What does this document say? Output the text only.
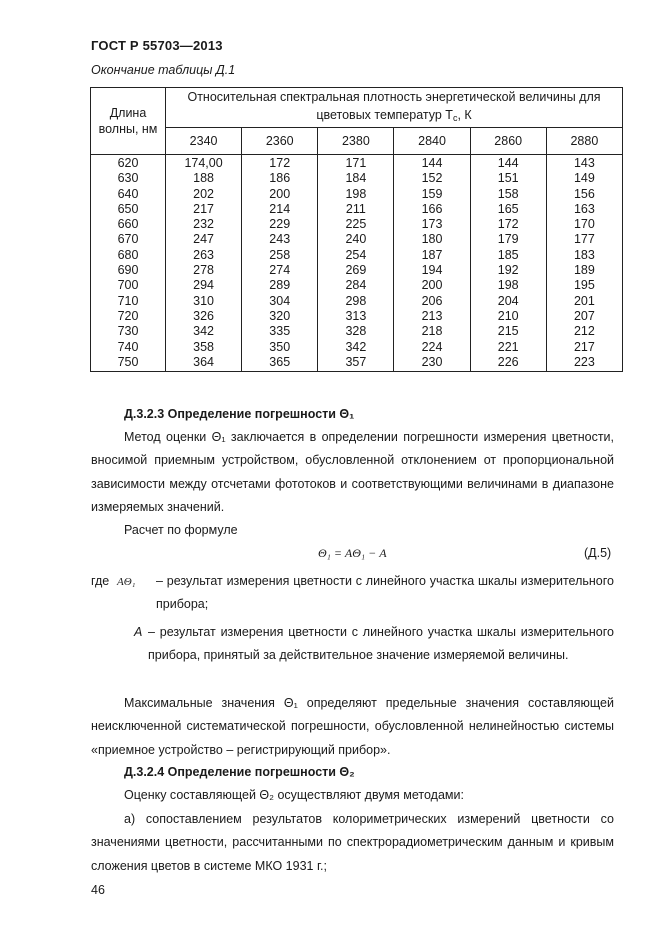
ГОСТ Р 55703—2013
Окончание таблицы Д.1
Длина
волны, нм	Относительная спектральная плотность энергетической величины для цветовых температур $T_c$, К					
	2340	2360	2380	2840	2860	2880
620	174,00	172	171	144	144	143
630	188	186	184	152	151	149
640	202	200	198	159	158	156
650	217	214	211	166	165	163
660	232	229	225	173	172	170
670	247	243	240	180	179	177
680	263	258	254	187	185	183
690	278	274	269	194	192	189
700	294	289	284	200	198	195
710	310	304	298	206	204	201
720	326	320	313	213	210	207
730	342	335	328	218	215	212
740	358	350	342	224	221	217
750	364	365	357	230	226	223
Д.3.2.3 Определение погрешности Θ₁
Метод оценки Θ₁ заключается в определении погрешности измерения цветности, вносимой приемным устройством, обусловленной отклонением от пропорциональной зависимости между отсчетами фототоков и соответствующими величинами в диапазоне измеряемых значений.
Расчет по формуле
Θ₁ = AΘ₁ − A	(Д.5)
где AΘ₁ – результат измерения цветности с линейного участка шкалы измерительного прибора;
A – результат измерения цветности с линейного участка шкалы измерительного прибора, принятый за действительное значение измеряемой величины.
Максимальные значения Θ₁ определяют предельные значения составляющей неисключенной систематической погрешности, обусловленной нелинейностью системы «приемное устройство – регистрирующий прибор».
Д.3.2.4 Определение погрешности Θ₂
Оценку составляющей Θ₂ осуществляют двумя методами:
а) сопоставлением результатов колориметрических измерений цветности со значениями цветности, рассчитанными по спектрорадиометрическим данным и кривым сложения цветов в системе МКО 1931 г.;
46
